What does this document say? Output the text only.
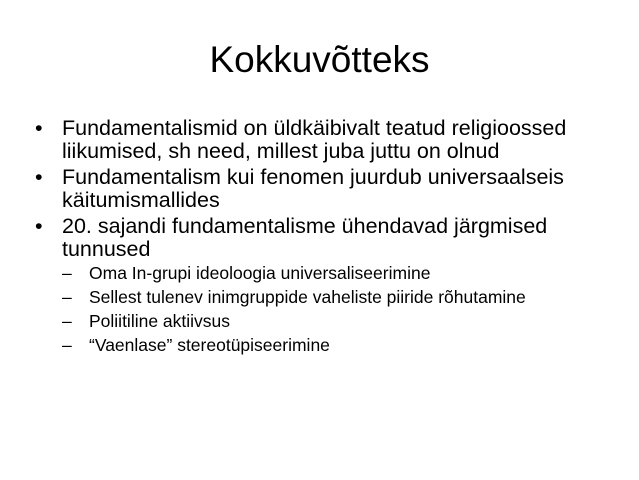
Kokkuvõtteks
• Fundamentalismid on üldkäibivalt teatud religioossed liikumised, sh need, millest juba juttu on olnud
• Fundamentalism kui fenomen juurdub universaalseis käitumismallides
• 20. sajandi fundamentalisme ühendavad järgmised tunnused
– Oma In-grupi ideoloogia universaliseerimine
– Sellest tulenev inimgruppide vaheliste piiride rõhutamine
– Poliitiline aktiivsus
– “Vaenlase” stereotüpiseerimine
